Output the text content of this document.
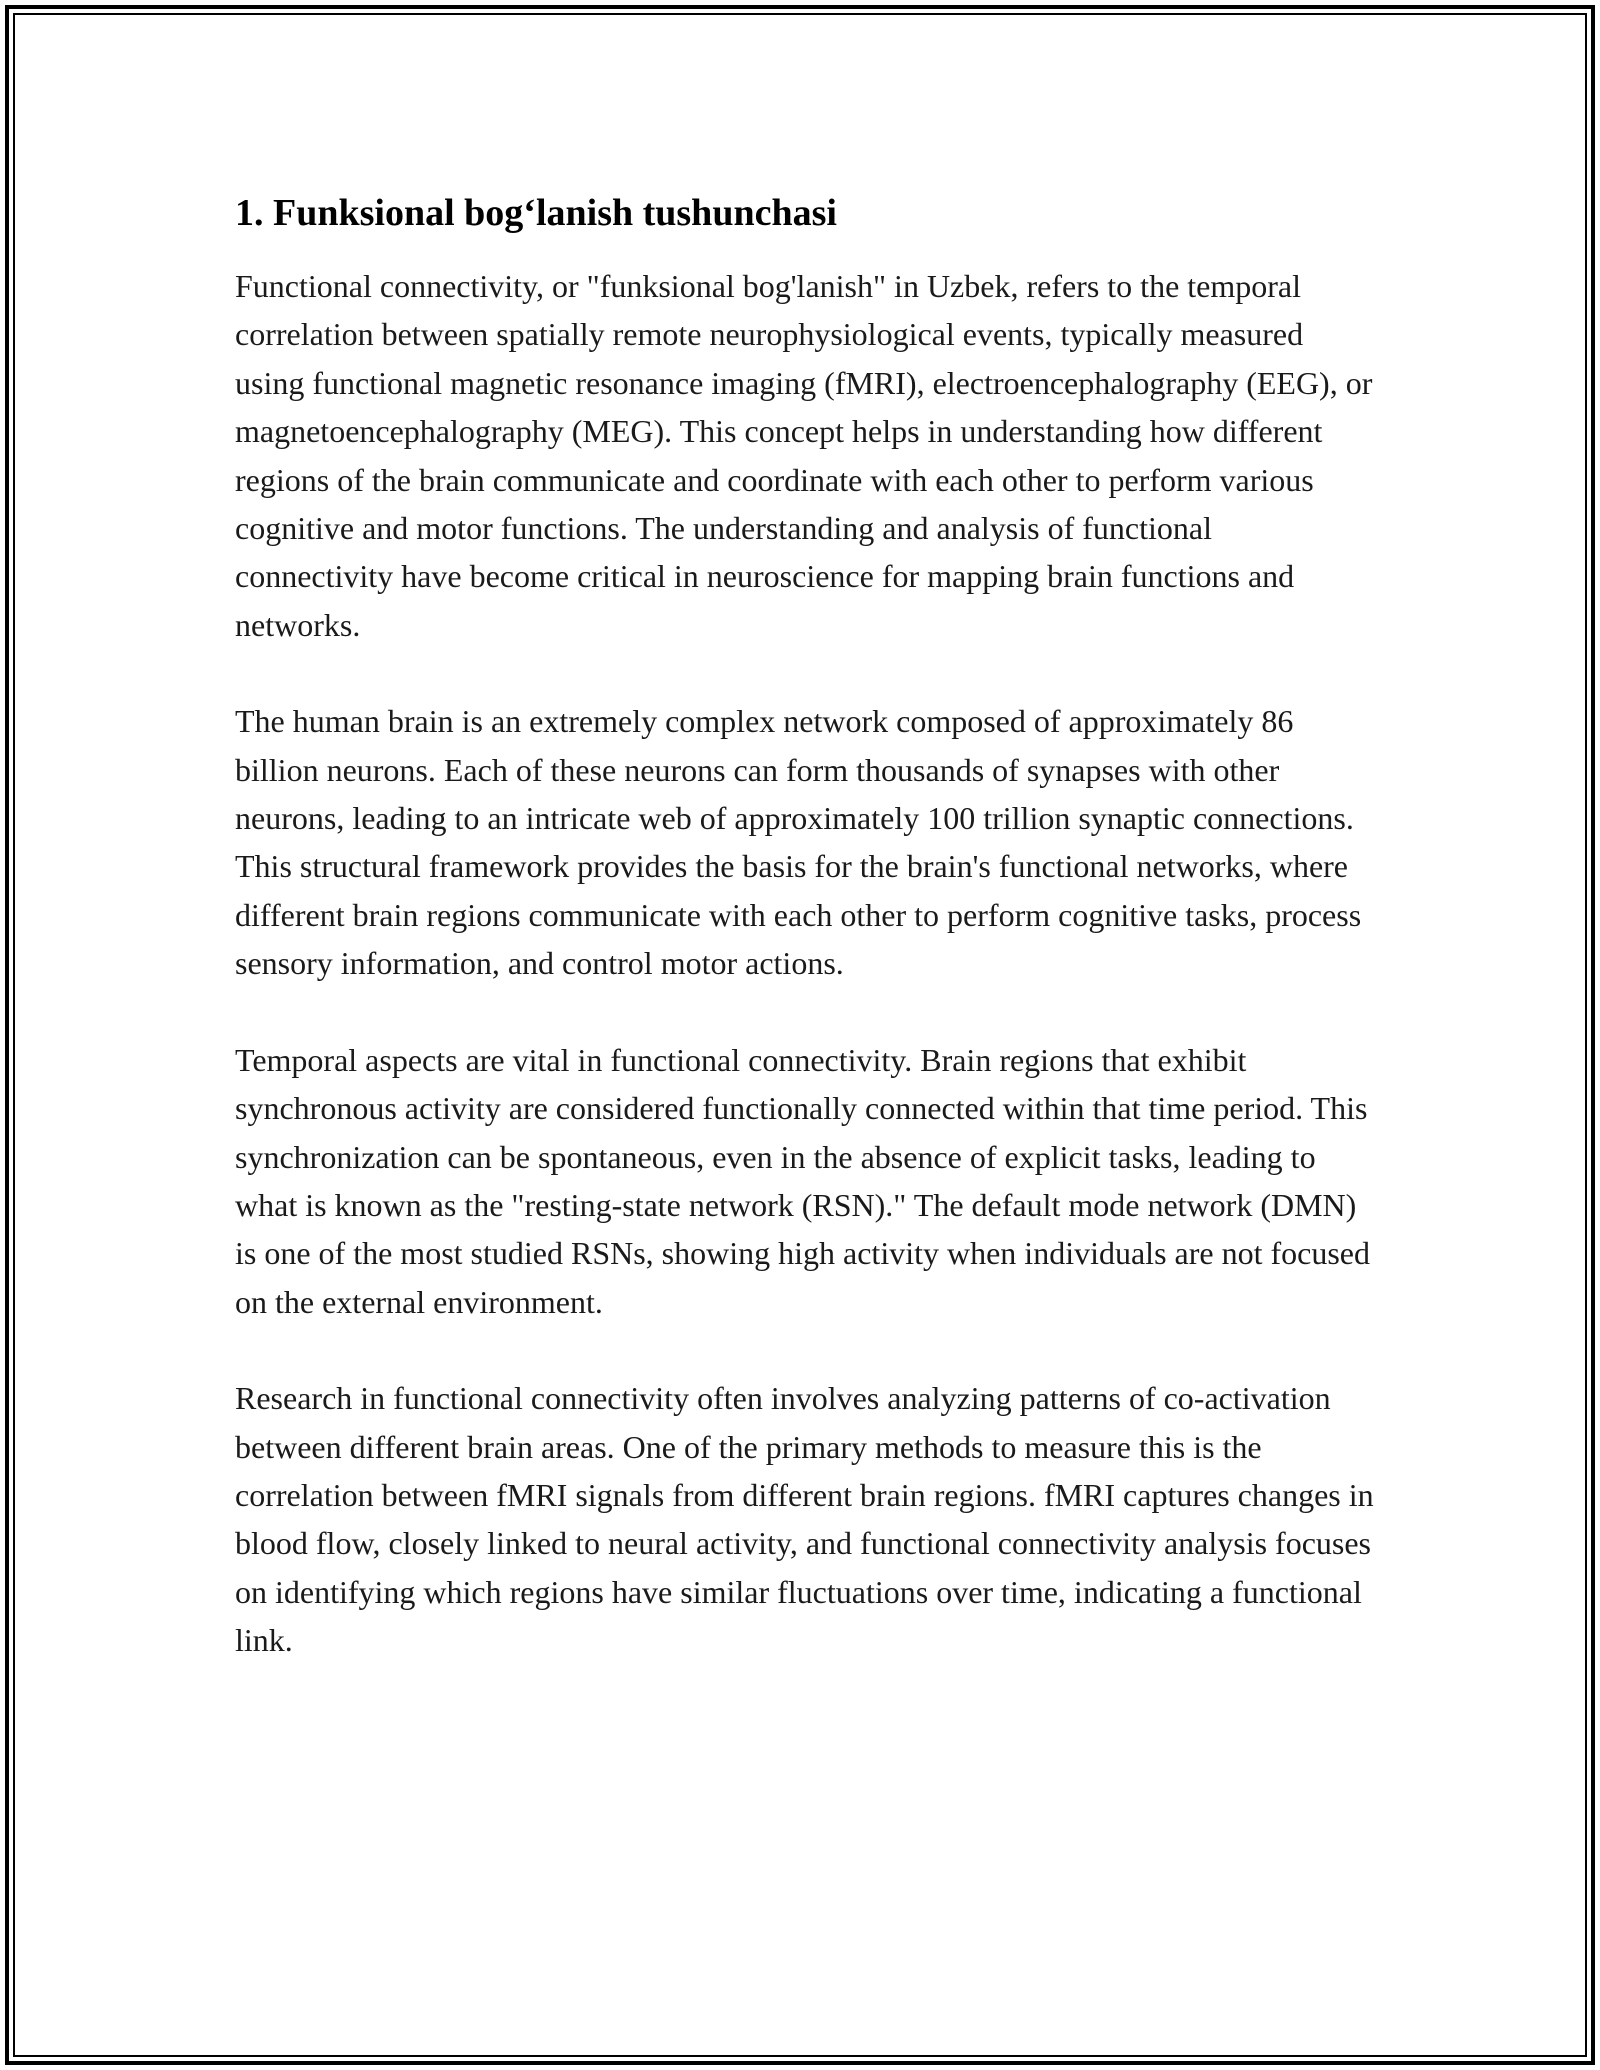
1. Funksional bog‘lanish tushunchasi

Functional connectivity, or "funksional bog'lanish" in Uzbek, refers to the temporal correlation between spatially remote neurophysiological events, typically measured using functional magnetic resonance imaging (fMRI), electroencephalography (EEG), or magnetoencephalography (MEG). This concept helps in understanding how different regions of the brain communicate and coordinate with each other to perform various cognitive and motor functions. The understanding and analysis of functional connectivity have become critical in neuroscience for mapping brain functions and networks.

The human brain is an extremely complex network composed of approximately 86 billion neurons. Each of these neurons can form thousands of synapses with other neurons, leading to an intricate web of approximately 100 trillion synaptic connections. This structural framework provides the basis for the brain's functional networks, where different brain regions communicate with each other to perform cognitive tasks, process sensory information, and control motor actions.

Temporal aspects are vital in functional connectivity. Brain regions that exhibit synchronous activity are considered functionally connected within that time period. This synchronization can be spontaneous, even in the absence of explicit tasks, leading to what is known as the "resting-state network (RSN)." The default mode network (DMN) is one of the most studied RSNs, showing high activity when individuals are not focused on the external environment.

Research in functional connectivity often involves analyzing patterns of co-activation between different brain areas. One of the primary methods to measure this is the correlation between fMRI signals from different brain regions. fMRI captures changes in blood flow, closely linked to neural activity, and functional connectivity analysis focuses on identifying which regions have similar fluctuations over time, indicating a functional link.
